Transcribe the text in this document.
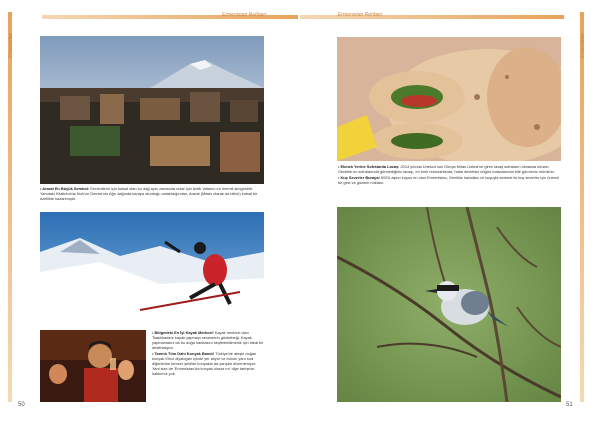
Ermenistan
Ermenistan Rehberi

• Ararat En Büyük Sembol: Ermenilerin için kutsal olan bu dağ aynı zamanda onlar için Antik Vatanın en önemli simgesidir. Yanıdaki Kilaitcha'da Nuh'un Gemisi'nin Ağrı dağında karaya oturduğu anlatıldığından, Ararat (Masis olarak da bilinir) kutsal bir özellikte kazanmıştır.

• Bölgedeki En İyi Kayak Merkezi! Kayak merkezi olan Tsakhkadzor kayak yapmayı sevenlerin gözbebeği. Kayak yapmamanız da bu doğa harikasını keşfedebilmeniz için ideal bir destinasyon.

• Tarımlı Tüm Dahi Konyak Bandı! Türkiye'de ateşle doğan konyak 5'inci diyaloglar içinde yer alıyor ve bunun yanı sıra diğerlerine benzer şekilde konyakla da yarışlar düzenleniyor. Yani size de 'Ermenistan'da konyak olmaz mı' diye tartışma hakkımız yok.

50
Ermenistan Rehberi
Ermenistan

• Ekmek Yerine Sofralarda Lavaş: 2014 yılında Unesco'nun Dünya Miras Listesi'ne giren lavaş sofraların olmazsa olmazı. Genlikle ev sofralarında görmediğiniz lavaşı, en ünlü restoranlarda, hatta devletsiz düğün masalarında bile görmeniz mümkün.

• Kuş Severler Buraya! 500'ü aşkın kuşun en olan Ermenistan, Genlikle kartalları ve kuşuyla serbest ile kuş severler için önemli bir gezi ve gözlem noktası.

51
